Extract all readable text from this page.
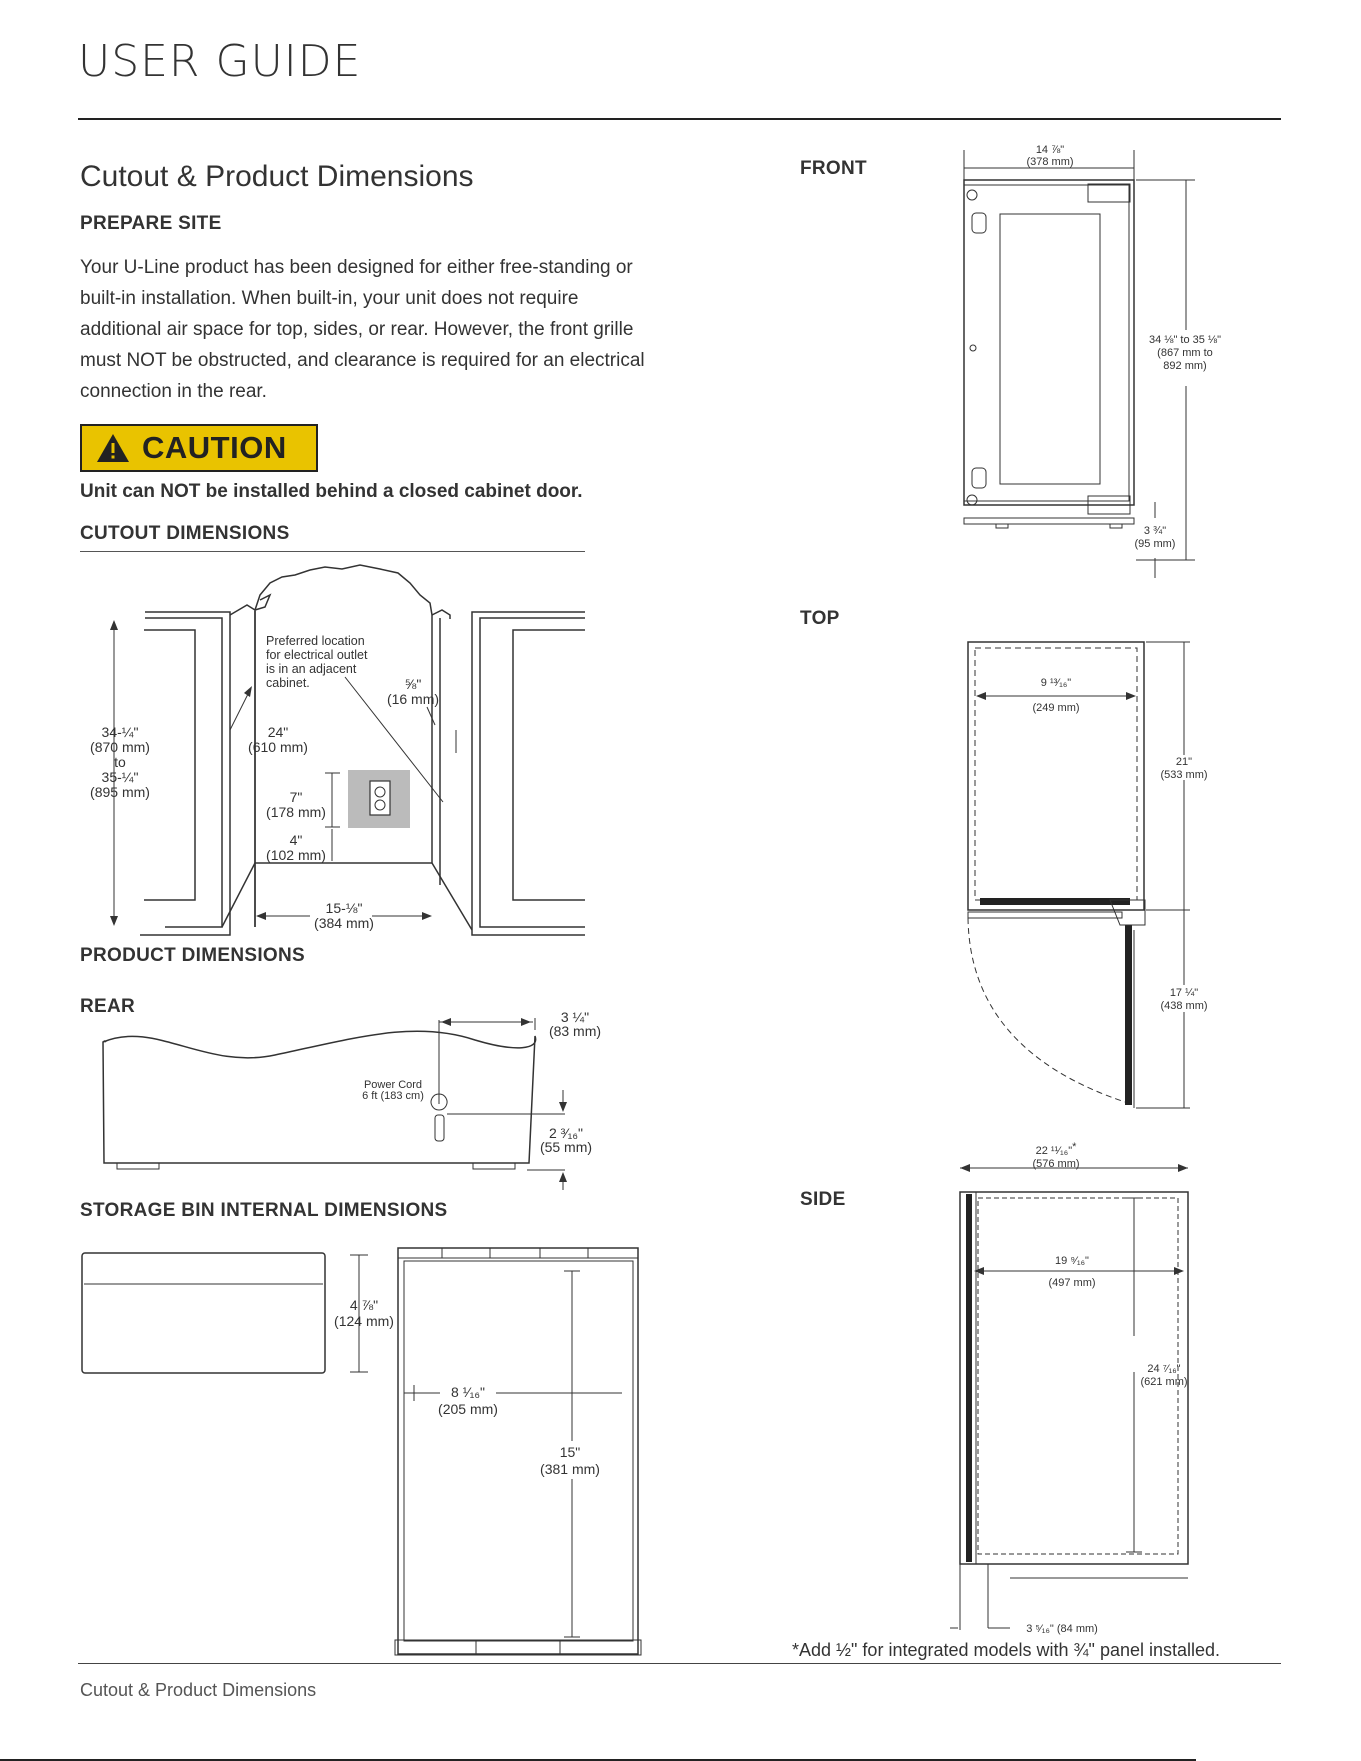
USER GUIDE
Cutout & Product Dimensions
PREPARE SITE
Your U-Line product has been designed for either free-standing or built-in installation. When built-in, your unit does not require additional air space for top, sides, or rear. However, the front grille must NOT be obstructed, and clearance is required for an electrical connection in the rear.
CAUTION
Unit can NOT be installed behind a closed cabinet door.
CUTOUT DIMENSIONS
34-¼"
(870 mm)
to
35-¼"
(895 mm)
24"
(610 mm)
Preferred location
for electrical outlet
is in an adjacent
cabinet.	⅝"
(16 mm)
7"
(178 mm)
4"
(102 mm)
15-⅛"
(384 mm)
PRODUCT DIMENSIONS
REAR	3 ¼"
(83 mm)
Power Cord
6 ft (183 cm)
2 ³⁄₁₆"
(55 mm)
STORAGE BIN INTERNAL DIMENSIONS
4 ⅞"
(124 mm)
8 ¹⁄₁₆"
(205 mm)
15"
(381 mm)
FRONT
TOP
SIDE
14 ⅞"
(378 mm)
34 ⅛" to 35 ⅛"
(867 mm to
892 mm)
3 ¾"
(95 mm)
9 ¹³⁄₁₆"
(249 mm)
21"
(533 mm)
17 ¼"
(438 mm)
22 ¹¹⁄₁₆"*
(576 mm)
19 ⁹⁄₁₆"
(497 mm)
24 ⁷⁄₁₆"
(621 mm)
3 ⁵⁄₁₆" (84 mm)
*Add ½" for integrated models with ¾" panel installed.
Cutout & Product Dimensions
